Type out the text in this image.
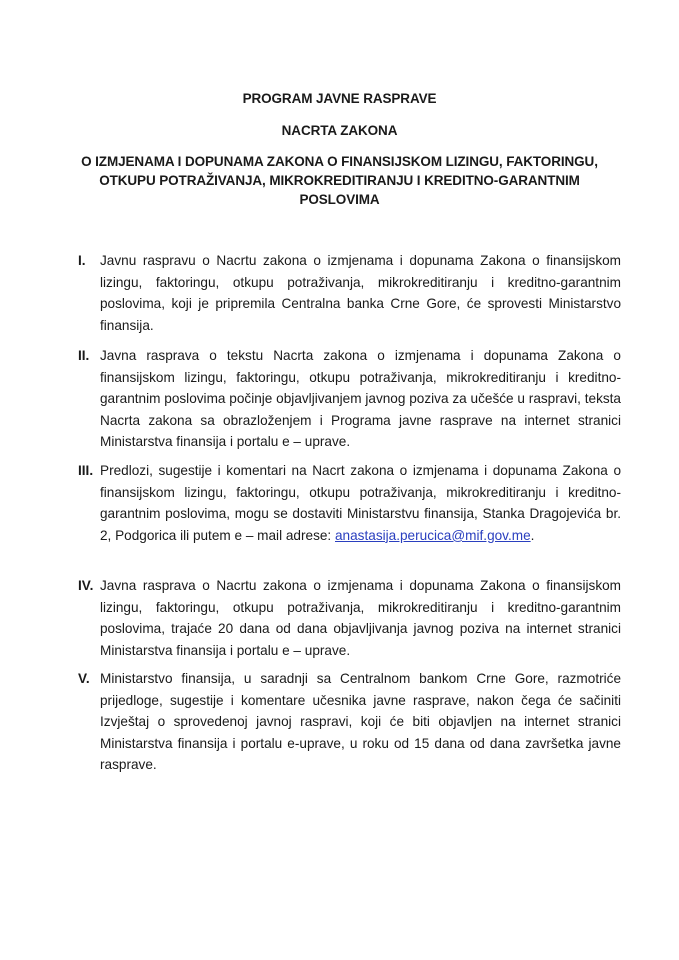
PROGRAM JAVNE RASPRAVE
NACRTA ZAKONA
O IZMJENAMA I DOPUNAMA ZAKONA O FINANSIJSKOM LIZINGU, FAKTORINGU,
OTKUPU POTRAŽIVANJA, MIKROKREDITIRANJU I KREDITNO-GARANTNIM
POSLOVIMA
I. Javnu raspravu o Nacrtu zakona o izmjenama i dopunama Zakona o finansijskom lizingu, faktoringu, otkupu potraživanja, mikrokreditiranju i kreditno-garantnim poslovima, koji je pripremila Centralna banka Crne Gore, će sprovesti Ministarstvo finansija.
II. Javna rasprava o tekstu Nacrta zakona o izmjenama i dopunama Zakona o finansijskom lizingu, faktoringu, otkupu potraživanja, mikrokreditiranju i kreditno-garantnim poslovima počinje objavljivanjem javnog poziva za učešće u raspravi, teksta Nacrta zakona sa obrazloženjem i Programa javne rasprave na internet stranici Ministarstva finansija i portalu e – uprave.
III. Predlozi, sugestije i komentari na Nacrt zakona o izmjenama i dopunama Zakona o finansijskom lizingu, faktoringu, otkupu potraživanja, mikrokreditiranju i kreditno-garantnim poslovima, mogu se dostaviti Ministarstvu finansija, Stanka Dragojevića br. 2, Podgorica ili putem e – mail adrese: anastasija.perucica@mif.gov.me.
IV. Javna rasprava o Nacrtu zakona o izmjenama i dopunama Zakona o finansijskom lizingu, faktoringu, otkupu potraživanja, mikrokreditiranju i kreditno-garantnim poslovima, trajaće 20 dana od dana objavljivanja javnog poziva na internet stranici Ministarstva finansija i portalu e – uprave.
V. Ministarstvo finansija, u saradnji sa Centralnom bankom Crne Gore, razmotriće prijedloge, sugestije i komentare učesnika javne rasprave, nakon čega će sačiniti Izvještaj o sprovedenoj javnoj raspravi, koji će biti objavljen na internet stranici Ministarstva finansija i portalu e-uprave, u roku od 15 dana od dana završetka javne rasprave.
